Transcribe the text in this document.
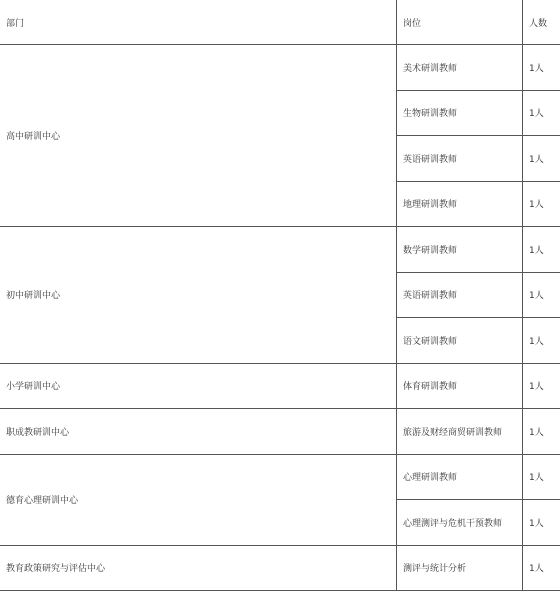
部门	岗位	人数
高中研训中心	美术研训教师	1人
	生物研训教师	1人
	英语研训教师	1人
	地理研训教师	1人
初中研训中心	数学研训教师	1人
	英语研训教师	1人
	语文研训教师	1人
小学研训中心	体育研训教师	1人
职成教研训中心	旅游及财经商贸研训教师	1人
德育心理研训中心	心理研训教师	1人
	心理测评与危机干预教师	1人
教育政策研究与评估中心	测评与统计分析	1人
